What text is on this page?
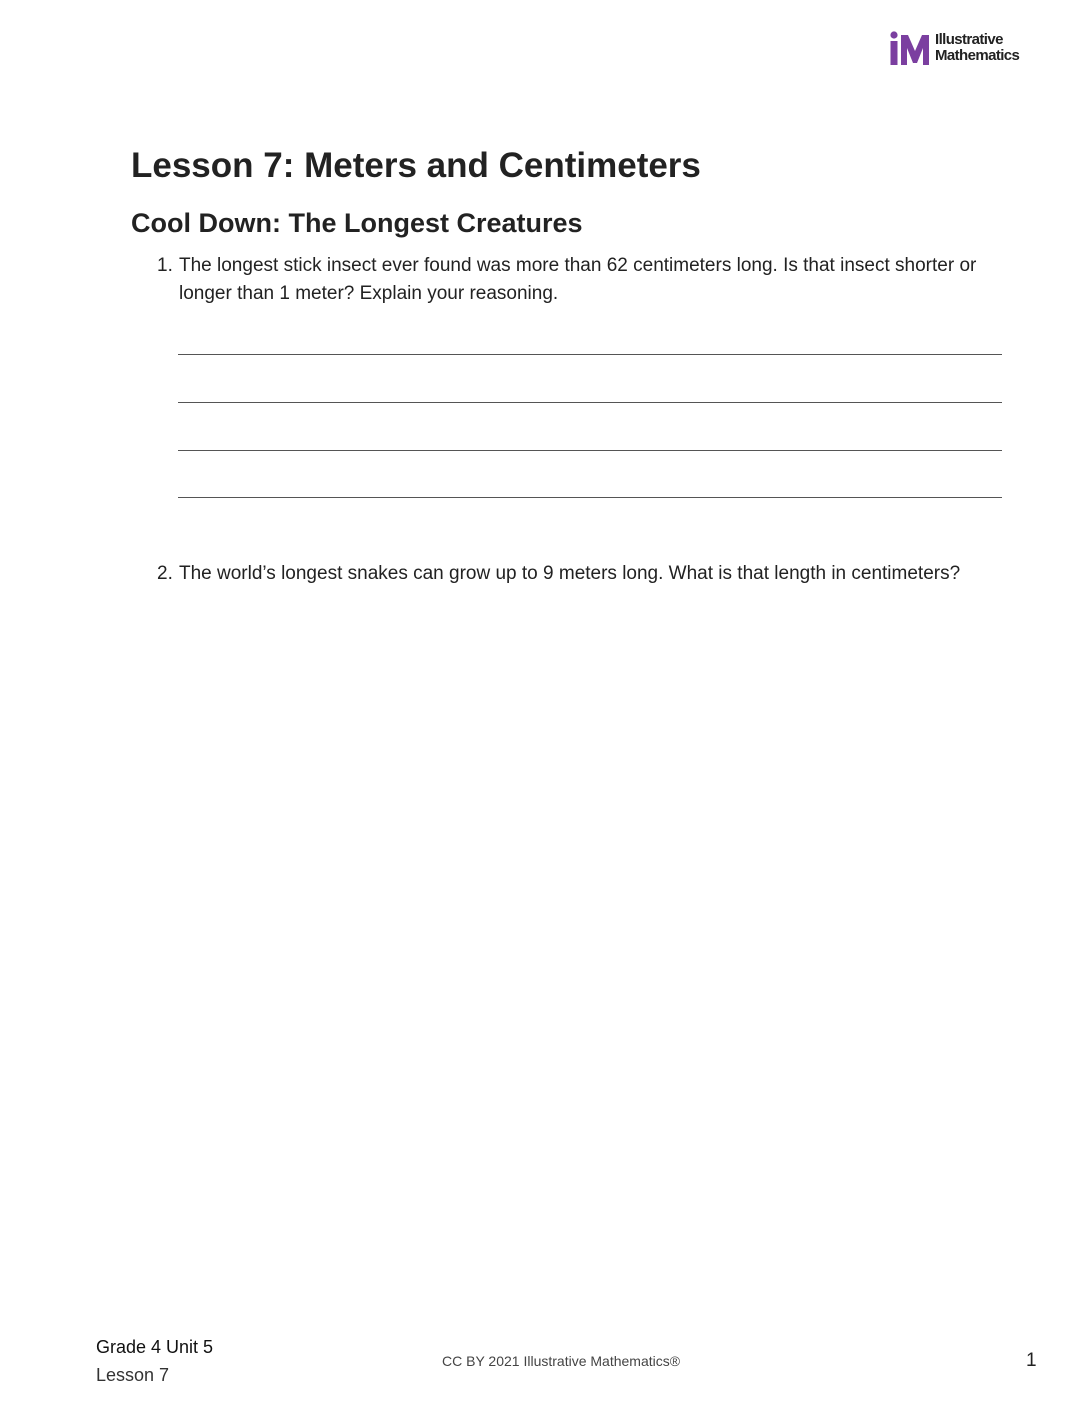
Illustrative
Mathematics
Lesson 7: Meters and Centimeters
Cool Down: The Longest Creatures
1. The longest stick insect ever found was more than 62 centimeters long. Is that insect shorter or longer than 1 meter? Explain your reasoning.
2. The world’s longest snakes can grow up to 9 meters long. What is that length in centimeters?
Grade 4 Unit 5
Lesson 7
CC BY 2021 Illustrative Mathematics®	1
